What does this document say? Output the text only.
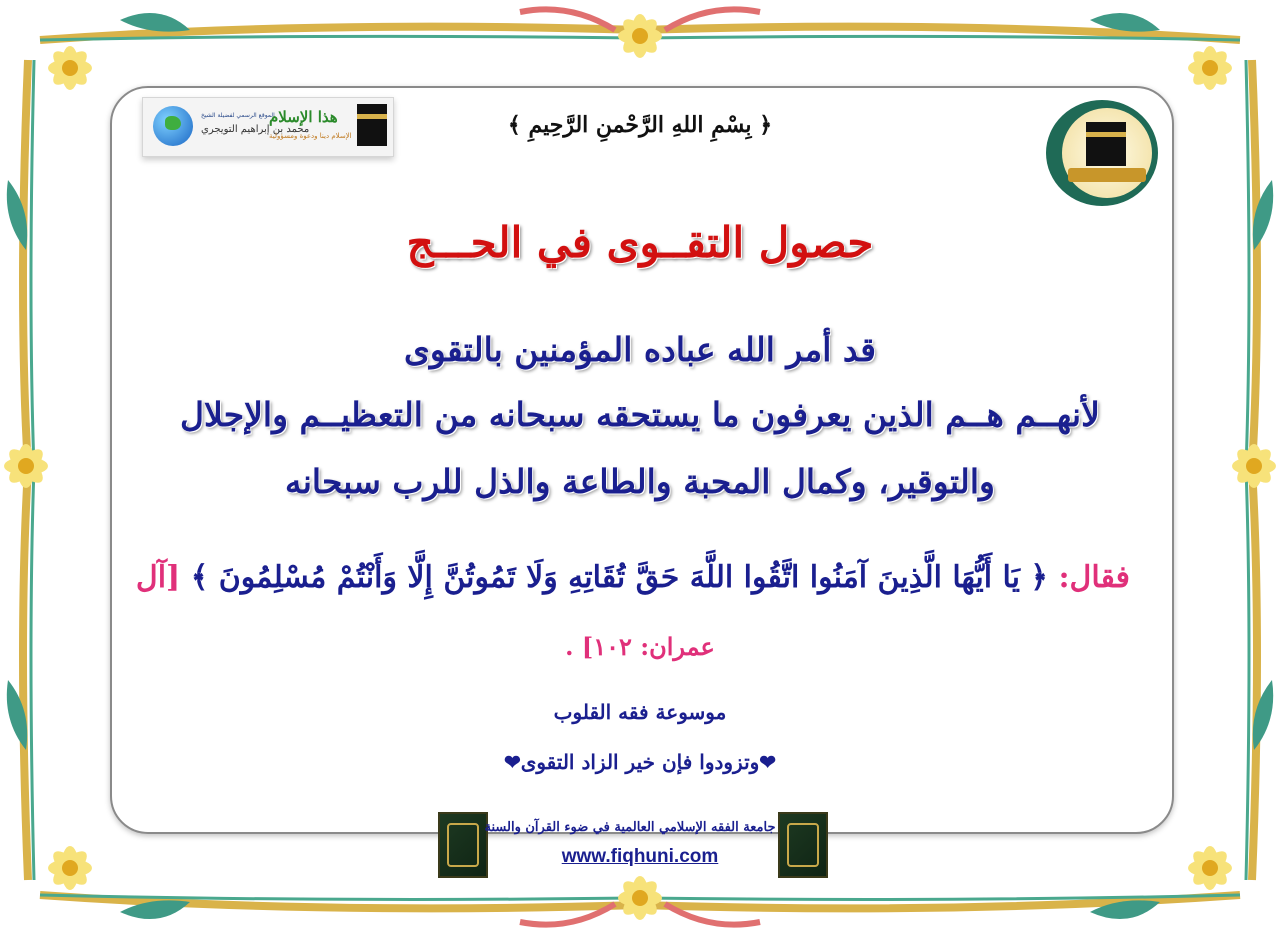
الموقع الرسمي لفضيلة الشيخ
محمد بن إبراهيم التويجري
هذا الإسلام
الإسلام دينا ودعوة ومسؤولية	﴿ بِسْمِ اللهِ الرَّحْمنِ الرَّحِيمِ ﴾
حصول التقــوى في الحـــج
قد أمر الله عباده المؤمنين بالتقوى
لأنهــم هــم الذين يعرفون ما يستحقه سبحانه من التعظيــم والإجلال
والتوقير، وكمال المحبة والطاعة والذل للرب سبحانه
فقال: ﴿ يَا أَيُّهَا الَّذِينَ آمَنُوا اتَّقُوا اللَّهَ حَقَّ تُقَاتِهِ وَلَا تَمُوتُنَّ إِلَّا وَأَنْتُمْ مُسْلِمُونَ ﴾ [آل
عمران: ١٠٢] .
موسوعة فقه القلوب
❤وتزودوا فإن خير الزاد التقوى❤
جامعة الفقه الإسلامي العالمية في ضوء القرآن والسنة
www.fiqhuni.com
